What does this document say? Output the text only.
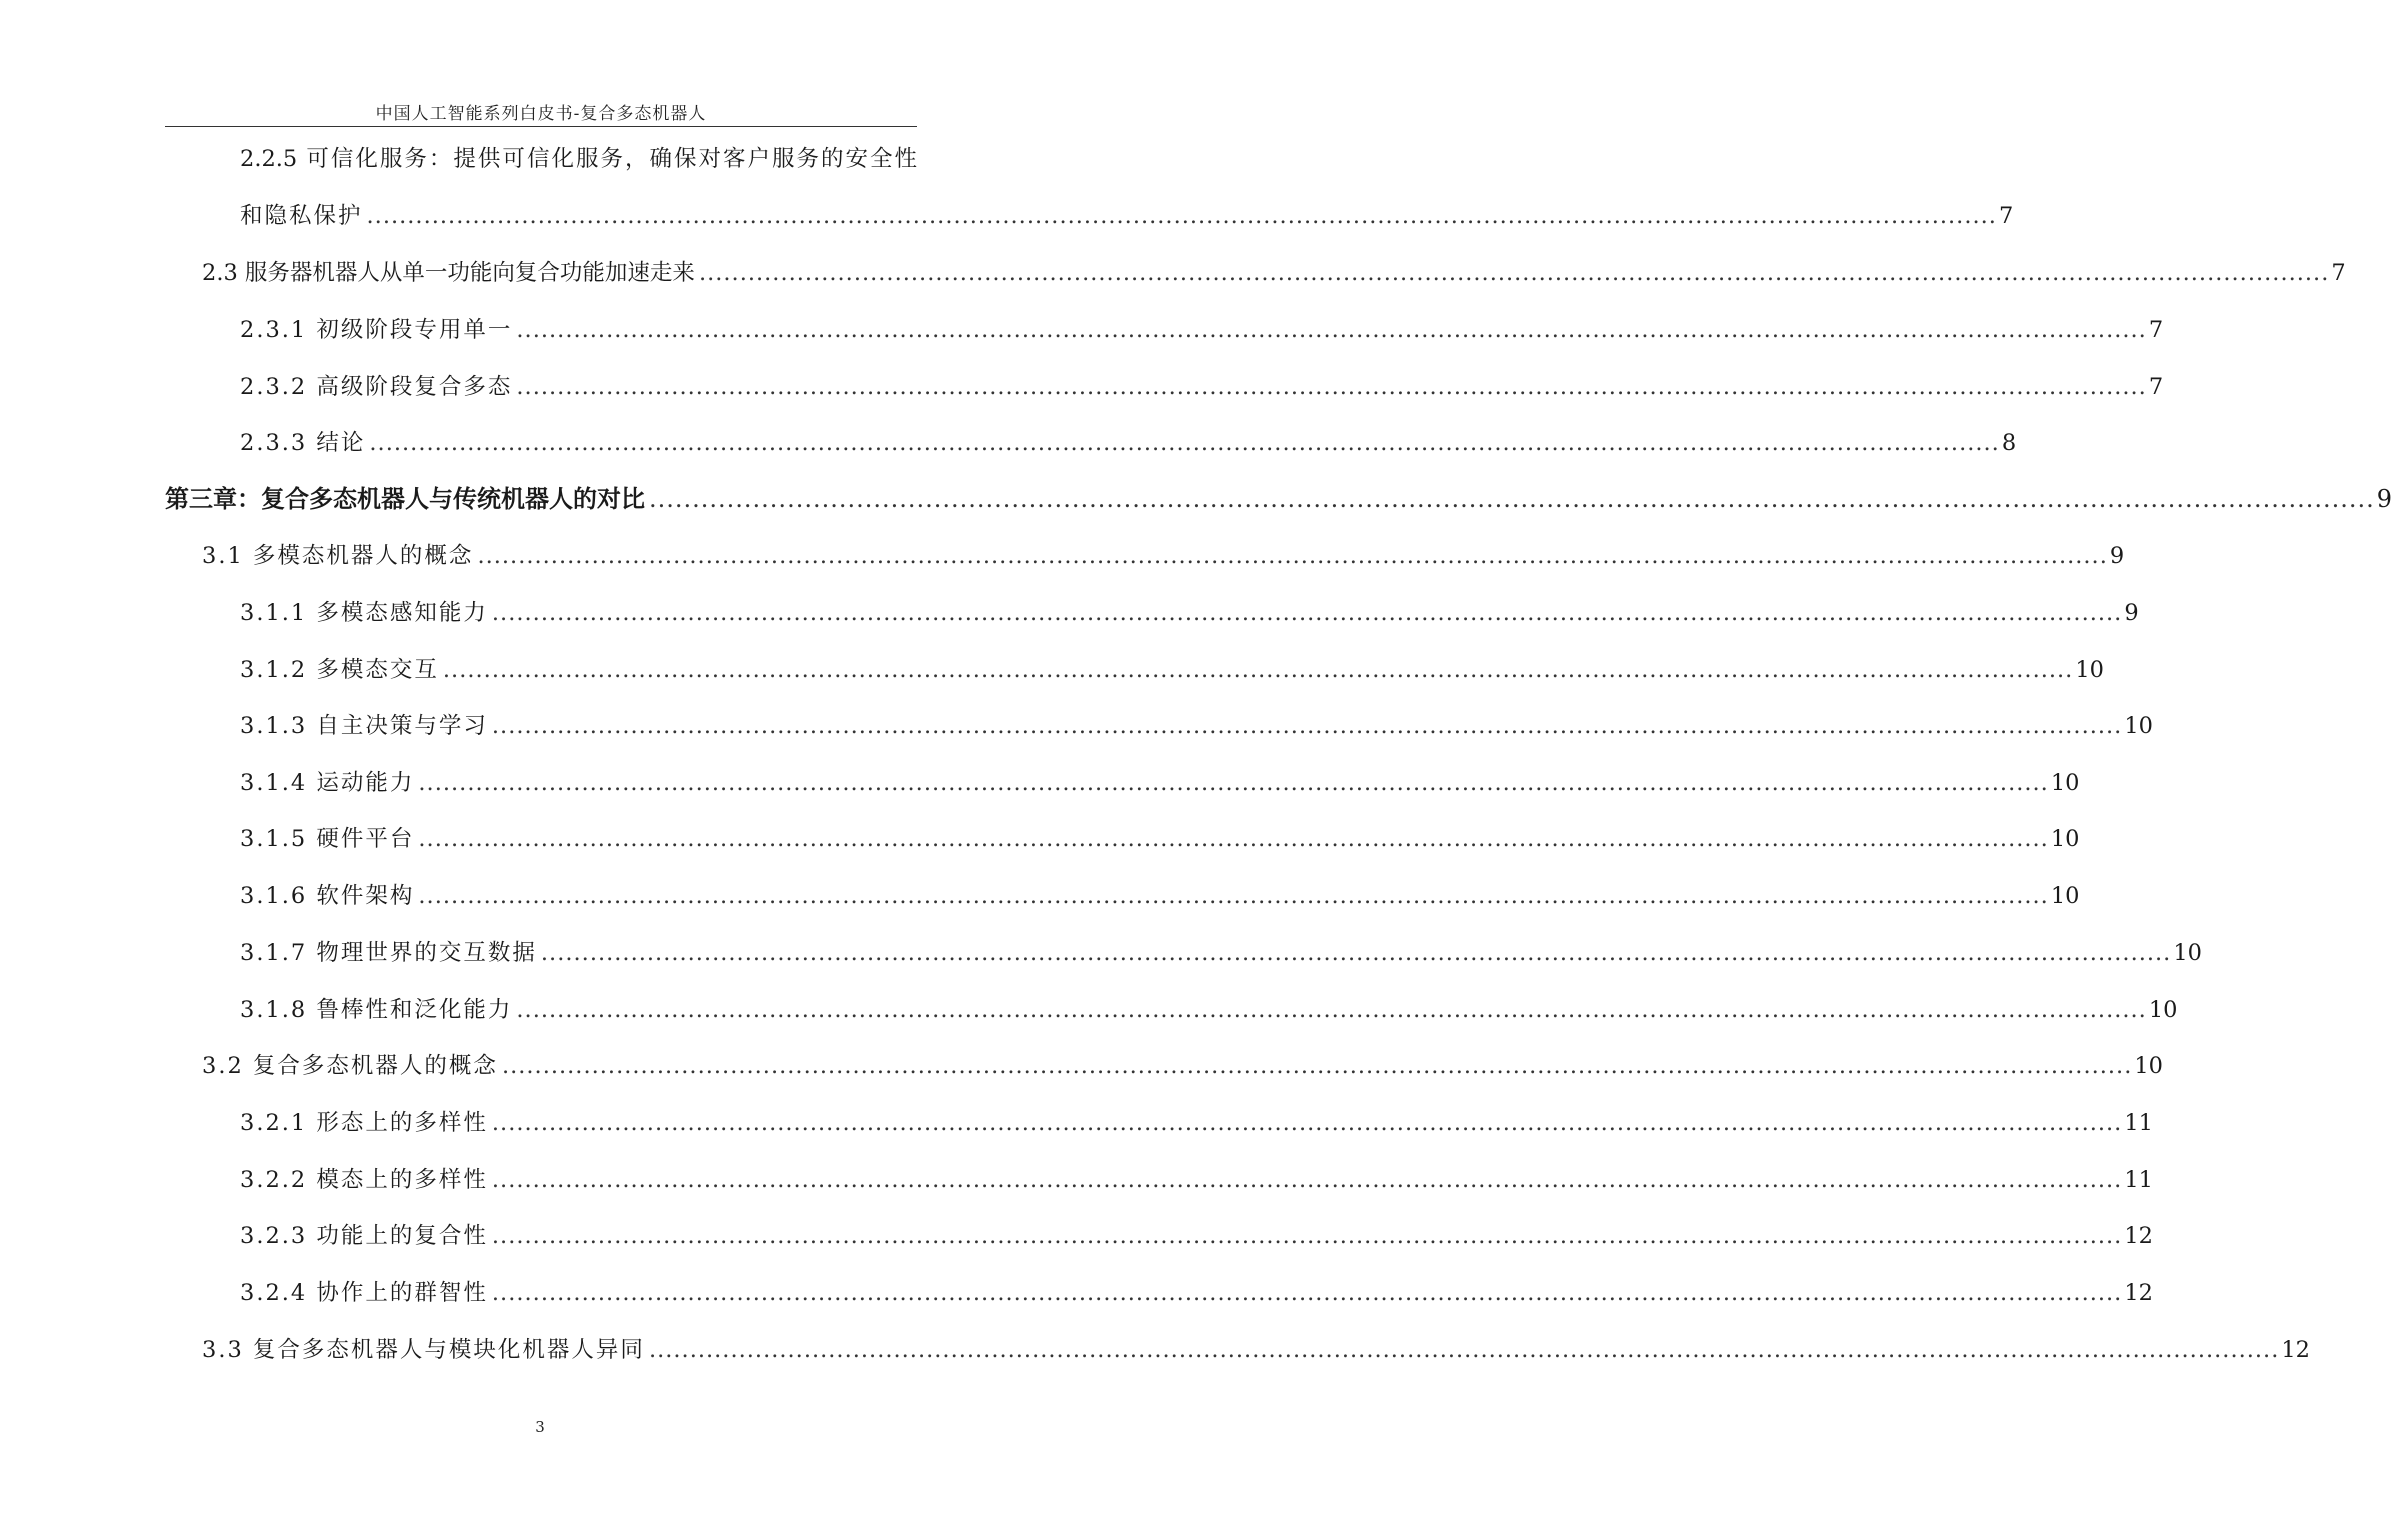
中国人工智能系列白皮书-复合多态机器人
2.2.5 可信化服务：提供可信化服务，确保对客户服务的安全性
和隐私保护 ........................................................................................................................................................................................................ 7
2.3 服务器机器人从单一功能向复合功能加速走来 ........................................................................................................................................................................................................ 7
2.3.1 初级阶段专用单一 ........................................................................................................................................................................................................ 7
2.3.2 高级阶段复合多态 ........................................................................................................................................................................................................ 7
2.3.3 结论 ........................................................................................................................................................................................................ 8
第三章：复合多态机器人与传统机器人的对比 ........................................................................................................................................................................................................ 9
3.1 多模态机器人的概念 ........................................................................................................................................................................................................ 9
3.1.1 多模态感知能力 ........................................................................................................................................................................................................ 9
3.1.2 多模态交互 ........................................................................................................................................................................................................ 10
3.1.3 自主决策与学习 ........................................................................................................................................................................................................ 10
3.1.4 运动能力 ........................................................................................................................................................................................................ 10
3.1.5 硬件平台 ........................................................................................................................................................................................................ 10
3.1.6 软件架构 ........................................................................................................................................................................................................ 10
3.1.7 物理世界的交互数据 ........................................................................................................................................................................................................ 10
3.1.8 鲁棒性和泛化能力 ........................................................................................................................................................................................................ 10
3.2 复合多态机器人的概念 ........................................................................................................................................................................................................ 10
3.2.1 形态上的多样性 ........................................................................................................................................................................................................ 11
3.2.2 模态上的多样性 ........................................................................................................................................................................................................ 11
3.2.3 功能上的复合性 ........................................................................................................................................................................................................ 12
3.2.4 协作上的群智性 ........................................................................................................................................................................................................ 12
3.3 复合多态机器人与模块化机器人异同 ........................................................................................................................................................................................................ 12
3
